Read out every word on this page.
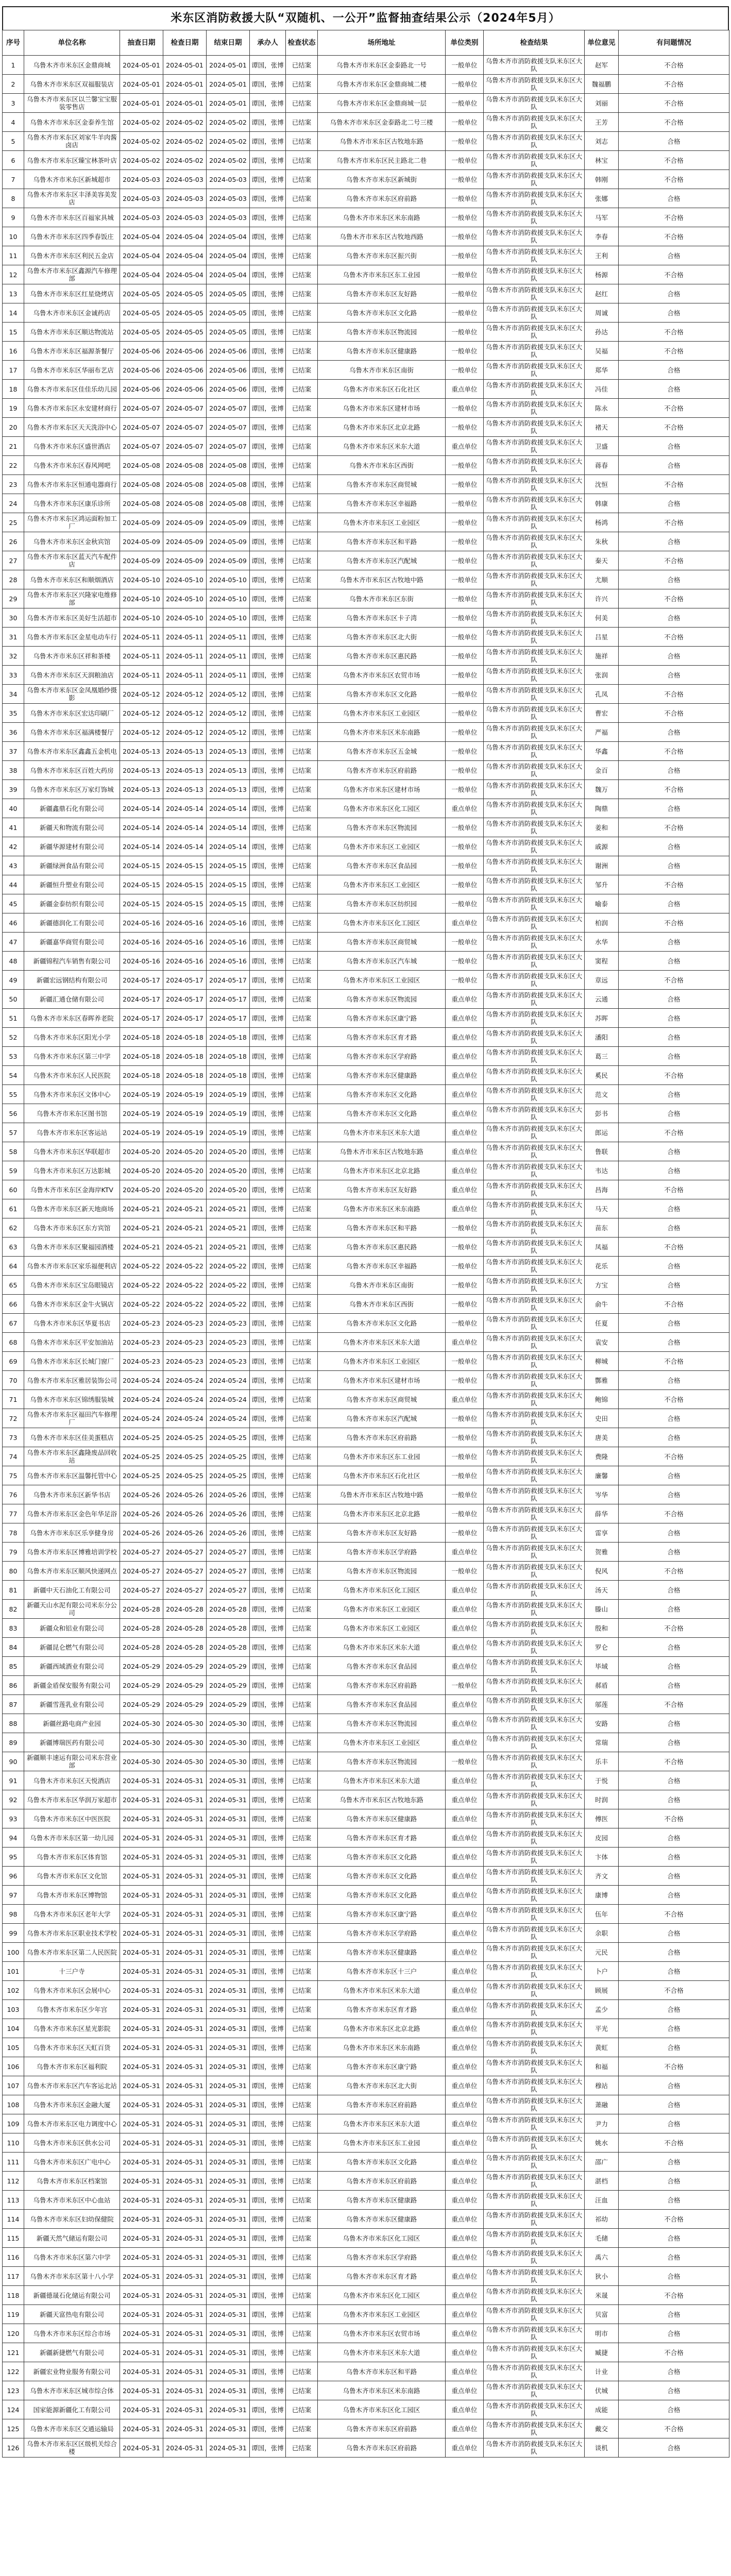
米东区消防救援大队“双随机、一公开”监督抽查结果公示（2024年5月）
序号	单位名称	抽查日期	检查日期	结束日期	承办人	检查状态	场所地址	单位类别	检查结果	单位意见	有问题情况
1	乌鲁木齐市米东区金鼎商城	2024-05-01	2024-05-01	2024-05-01	谭国，张博	已结案	乌鲁木齐市米东区金泰路北一号	一般单位	乌鲁木齐市消防救援支队米东区大队	赵军	不合格
2	乌鲁木齐市米东区双福服装店	2024-05-01	2024-05-01	2024-05-01	谭国，张博	已结案	乌鲁木齐市米东区金鼎商城二楼	一般单位	乌鲁木齐市消防救援支队米东区大队	魏福鹏	不合格
3	乌鲁木齐市米东区以兰馨宝宝服装零售店	2024-05-01	2024-05-01	2024-05-01	谭国，张博	已结案	乌鲁木齐市米东区金鼎商城一层	一般单位	乌鲁木齐市消防救援支队米东区大队	刘丽	不合格
4	乌鲁木齐市米东区金泰养生馆	2024-05-02	2024-05-02	2024-05-02	谭国，张博	已结案	乌鲁木齐市米东区金泰路北二号三楼	一般单位	乌鲁木齐市消防救援支队米东区大队	王芳	不合格
5	乌鲁木齐市米东区刘家牛羊肉酱卤店	2024-05-02	2024-05-02	2024-05-02	谭国，张博	已结案	乌鲁木齐市米东区古牧地东路	一般单位	乌鲁木齐市消防救援支队米东区大队	刘志	合格
6	乌鲁木齐市米东区臻宝林茶叶店	2024-05-02	2024-05-02	2024-05-02	谭国，张博	已结案	乌鲁木齐市米东区民主路北二巷	一般单位	乌鲁木齐市消防救援支队米东区大队	林宝	不合格
7	乌鲁木齐市米东区新城超市	2024-05-03	2024-05-03	2024-05-03	谭国，张博	已结案	乌鲁木齐市米东区新城街	一般单位	乌鲁木齐市消防救援支队米东区大队	韩刚	不合格
8	乌鲁木齐市米东区丰泽美容美发店	2024-05-03	2024-05-03	2024-05-03	谭国，张博	已结案	乌鲁木齐市米东区府前路	一般单位	乌鲁木齐市消防救援支队米东区大队	张娜	合格
9	乌鲁木齐市米东区百福家具城	2024-05-03	2024-05-03	2024-05-03	谭国，张博	已结案	乌鲁木齐市米东区米东南路	一般单位	乌鲁木齐市消防救援支队米东区大队	马军	不合格
10	乌鲁木齐市米东区四季春饭庄	2024-05-04	2024-05-04	2024-05-04	谭国，张博	已结案	乌鲁木齐市米东区古牧地西路	一般单位	乌鲁木齐市消防救援支队米东区大队	李春	不合格
11	乌鲁木齐市米东区利民五金店	2024-05-04	2024-05-04	2024-05-04	谭国，张博	已结案	乌鲁木齐市米东区振兴街	一般单位	乌鲁木齐市消防救援支队米东区大队	王利	合格
12	乌鲁木齐市米东区鑫源汽车修理部	2024-05-04	2024-05-04	2024-05-04	谭国，张博	已结案	乌鲁木齐市米东区东工业园	一般单位	乌鲁木齐市消防救援支队米东区大队	杨源	不合格
13	乌鲁木齐市米东区红星烧烤店	2024-05-05	2024-05-05	2024-05-05	谭国，张博	已结案	乌鲁木齐市米东区友好路	一般单位	乌鲁木齐市消防救援支队米东区大队	赵红	合格
14	乌鲁木齐市米东区金诚药店	2024-05-05	2024-05-05	2024-05-05	谭国，张博	已结案	乌鲁木齐市米东区文化路	一般单位	乌鲁木齐市消防救援支队米东区大队	周诚	合格
15	乌鲁木齐市米东区顺达物流站	2024-05-05	2024-05-05	2024-05-05	谭国，张博	已结案	乌鲁木齐市米东区物流园	一般单位	乌鲁木齐市消防救援支队米东区大队	孙达	不合格
16	乌鲁木齐市米东区福源茶餐厅	2024-05-06	2024-05-06	2024-05-06	谭国，张博	已结案	乌鲁木齐市米东区健康路	一般单位	乌鲁木齐市消防救援支队米东区大队	吴福	不合格
17	乌鲁木齐市米东区华丽布艺店	2024-05-06	2024-05-06	2024-05-06	谭国，张博	已结案	乌鲁木齐市米东区南街	一般单位	乌鲁木齐市消防救援支队米东区大队	郑华	合格
18	乌鲁木齐市米东区佳佳乐幼儿园	2024-05-06	2024-05-06	2024-05-06	谭国，张博	已结案	乌鲁木齐市米东区石化社区	重点单位	乌鲁木齐市消防救援支队米东区大队	冯佳	合格
19	乌鲁木齐市米东区永安建材商行	2024-05-07	2024-05-07	2024-05-07	谭国，张博	已结案	乌鲁木齐市米东区建材市场	一般单位	乌鲁木齐市消防救援支队米东区大队	陈永	不合格
20	乌鲁木齐市米东区天天洗浴中心	2024-05-07	2024-05-07	2024-05-07	谭国，张博	已结案	乌鲁木齐市米东区北京北路	一般单位	乌鲁木齐市消防救援支队米东区大队	褚天	不合格
21	乌鲁木齐市米东区盛世酒店	2024-05-07	2024-05-07	2024-05-07	谭国，张博	已结案	乌鲁木齐市米东区米东大道	重点单位	乌鲁木齐市消防救援支队米东区大队	卫盛	合格
22	乌鲁木齐市米东区春风网吧	2024-05-08	2024-05-08	2024-05-08	谭国，张博	已结案	乌鲁木齐市米东区西街	一般单位	乌鲁木齐市消防救援支队米东区大队	蒋春	合格
23	乌鲁木齐市米东区恒通电器商行	2024-05-08	2024-05-08	2024-05-08	谭国，张博	已结案	乌鲁木齐市米东区商贸城	一般单位	乌鲁木齐市消防救援支队米东区大队	沈恒	不合格
24	乌鲁木齐市米东区康乐诊所	2024-05-08	2024-05-08	2024-05-08	谭国，张博	已结案	乌鲁木齐市米东区幸福路	一般单位	乌鲁木齐市消防救援支队米东区大队	韩康	合格
25	乌鲁木齐市米东区鸿运面粉加工厂	2024-05-09	2024-05-09	2024-05-09	谭国，张博	已结案	乌鲁木齐市米东区工业园区	一般单位	乌鲁木齐市消防救援支队米东区大队	杨鸿	不合格
26	乌鲁木齐市米东区金秋宾馆	2024-05-09	2024-05-09	2024-05-09	谭国，张博	已结案	乌鲁木齐市米东区和平路	一般单位	乌鲁木齐市消防救援支队米东区大队	朱秋	合格
27	乌鲁木齐市米东区蓝天汽车配件店	2024-05-09	2024-05-09	2024-05-09	谭国，张博	已结案	乌鲁木齐市米东区汽配城	一般单位	乌鲁木齐市消防救援支队米东区大队	秦天	不合格
28	乌鲁木齐市米东区和顺烟酒店	2024-05-10	2024-05-10	2024-05-10	谭国，张博	已结案	乌鲁木齐市米东区古牧地中路	一般单位	乌鲁木齐市消防救援支队米东区大队	尤顺	合格
29	乌鲁木齐市米东区兴隆家电维修部	2024-05-10	2024-05-10	2024-05-10	谭国，张博	已结案	乌鲁木齐市米东区东街	一般单位	乌鲁木齐市消防救援支队米东区大队	许兴	不合格
30	乌鲁木齐市米东区美好生活超市	2024-05-10	2024-05-10	2024-05-10	谭国，张博	已结案	乌鲁木齐市米东区卡子湾	一般单位	乌鲁木齐市消防救援支队米东区大队	何美	合格
31	乌鲁木齐市米东区金星电动车行	2024-05-11	2024-05-11	2024-05-11	谭国，张博	已结案	乌鲁木齐市米东区北大街	一般单位	乌鲁木齐市消防救援支队米东区大队	吕星	不合格
32	乌鲁木齐市米东区祥和茶楼	2024-05-11	2024-05-11	2024-05-11	谭国，张博	已结案	乌鲁木齐市米东区惠民路	一般单位	乌鲁木齐市消防救援支队米东区大队	施祥	合格
33	乌鲁木齐市米东区天润粮油店	2024-05-11	2024-05-11	2024-05-11	谭国，张博	已结案	乌鲁木齐市米东区农贸市场	一般单位	乌鲁木齐市消防救援支队米东区大队	张润	合格
34	乌鲁木齐市米东区金凤凰婚纱摄影	2024-05-12	2024-05-12	2024-05-12	谭国，张博	已结案	乌鲁木齐市米东区文化路	一般单位	乌鲁木齐市消防救援支队米东区大队	孔凤	不合格
35	乌鲁木齐市米东区宏达印刷厂	2024-05-12	2024-05-12	2024-05-12	谭国，张博	已结案	乌鲁木齐市米东区工业园区	一般单位	乌鲁木齐市消防救援支队米东区大队	曹宏	不合格
36	乌鲁木齐市米东区福满楼餐厅	2024-05-12	2024-05-12	2024-05-12	谭国，张博	已结案	乌鲁木齐市米东区米东南路	一般单位	乌鲁木齐市消防救援支队米东区大队	严福	合格
37	乌鲁木齐市米东区鑫鑫五金机电	2024-05-13	2024-05-13	2024-05-13	谭国，张博	已结案	乌鲁木齐市米东区五金城	一般单位	乌鲁木齐市消防救援支队米东区大队	华鑫	不合格
38	乌鲁木齐市米东区百姓大药房	2024-05-13	2024-05-13	2024-05-13	谭国，张博	已结案	乌鲁木齐市米东区府前路	一般单位	乌鲁木齐市消防救援支队米东区大队	金百	合格
39	乌鲁木齐市米东区万家灯饰城	2024-05-13	2024-05-13	2024-05-13	谭国，张博	已结案	乌鲁木齐市米东区建材市场	一般单位	乌鲁木齐市消防救援支队米东区大队	魏万	不合格
40	新疆鑫鼎石化有限公司	2024-05-14	2024-05-14	2024-05-14	谭国，张博	已结案	乌鲁木齐市米东区化工园区	重点单位	乌鲁木齐市消防救援支队米东区大队	陶鼎	合格
41	新疆天和物流有限公司	2024-05-14	2024-05-14	2024-05-14	谭国，张博	已结案	乌鲁木齐市米东区物流园	一般单位	乌鲁木齐市消防救援支队米东区大队	姜和	不合格
42	新疆华源建材有限公司	2024-05-14	2024-05-14	2024-05-14	谭国，张博	已结案	乌鲁木齐市米东区工业园区	一般单位	乌鲁木齐市消防救援支队米东区大队	戚源	合格
43	新疆绿洲食品有限公司	2024-05-15	2024-05-15	2024-05-15	谭国，张博	已结案	乌鲁木齐市米东区食品园	一般单位	乌鲁木齐市消防救援支队米东区大队	谢洲	合格
44	新疆恒升塑业有限公司	2024-05-15	2024-05-15	2024-05-15	谭国，张博	已结案	乌鲁木齐市米东区工业园区	一般单位	乌鲁木齐市消防救援支队米东区大队	邹升	不合格
45	新疆金泰纺织有限公司	2024-05-15	2024-05-15	2024-05-15	谭国，张博	已结案	乌鲁木齐市米东区纺织园	一般单位	乌鲁木齐市消防救援支队米东区大队	喻泰	合格
46	新疆德润化工有限公司	2024-05-16	2024-05-16	2024-05-16	谭国，张博	已结案	乌鲁木齐市米东区化工园区	重点单位	乌鲁木齐市消防救援支队米东区大队	柏润	不合格
47	新疆嘉华商贸有限公司	2024-05-16	2024-05-16	2024-05-16	谭国，张博	已结案	乌鲁木齐市米东区商贸城	一般单位	乌鲁木齐市消防救援支队米东区大队	水华	合格
48	新疆锦程汽车销售有限公司	2024-05-16	2024-05-16	2024-05-16	谭国，张博	已结案	乌鲁木齐市米东区汽车城	一般单位	乌鲁木齐市消防救援支队米东区大队	窦程	合格
49	新疆宏远钢结构有限公司	2024-05-17	2024-05-17	2024-05-17	谭国，张博	已结案	乌鲁木齐市米东区工业园区	一般单位	乌鲁木齐市消防救援支队米东区大队	章远	不合格
50	新疆汇通仓储有限公司	2024-05-17	2024-05-17	2024-05-17	谭国，张博	已结案	乌鲁木齐市米东区物流园	重点单位	乌鲁木齐市消防救援支队米东区大队	云通	合格
51	乌鲁木齐市米东区春晖养老院	2024-05-17	2024-05-17	2024-05-17	谭国，张博	已结案	乌鲁木齐市米东区康宁路	重点单位	乌鲁木齐市消防救援支队米东区大队	苏晖	合格
52	乌鲁木齐市米东区阳光小学	2024-05-18	2024-05-18	2024-05-18	谭国，张博	已结案	乌鲁木齐市米东区育才路	重点单位	乌鲁木齐市消防救援支队米东区大队	潘阳	合格
53	乌鲁木齐市米东区第三中学	2024-05-18	2024-05-18	2024-05-18	谭国，张博	已结案	乌鲁木齐市米东区学府路	重点单位	乌鲁木齐市消防救援支队米东区大队	葛三	合格
54	乌鲁木齐市米东区人民医院	2024-05-18	2024-05-18	2024-05-18	谭国，张博	已结案	乌鲁木齐市米东区健康路	重点单位	乌鲁木齐市消防救援支队米东区大队	奚民	不合格
55	乌鲁木齐市米东区文体中心	2024-05-19	2024-05-19	2024-05-19	谭国，张博	已结案	乌鲁木齐市米东区文化路	重点单位	乌鲁木齐市消防救援支队米东区大队	范文	合格
56	乌鲁木齐市米东区图书馆	2024-05-19	2024-05-19	2024-05-19	谭国，张博	已结案	乌鲁木齐市米东区文化路	重点单位	乌鲁木齐市消防救援支队米东区大队	彭书	合格
57	乌鲁木齐市米东区客运站	2024-05-19	2024-05-19	2024-05-19	谭国，张博	已结案	乌鲁木齐市米东区米东大道	重点单位	乌鲁木齐市消防救援支队米东区大队	郎运	不合格
58	乌鲁木齐市米东区华联超市	2024-05-20	2024-05-20	2024-05-20	谭国，张博	已结案	乌鲁木齐市米东区古牧地东路	重点单位	乌鲁木齐市消防救援支队米东区大队	鲁联	合格
59	乌鲁木齐市米东区万达影城	2024-05-20	2024-05-20	2024-05-20	谭国，张博	已结案	乌鲁木齐市米东区北京北路	重点单位	乌鲁木齐市消防救援支队米东区大队	韦达	合格
60	乌鲁木齐市米东区金海岸KTV	2024-05-20	2024-05-20	2024-05-20	谭国，张博	已结案	乌鲁木齐市米东区友好路	重点单位	乌鲁木齐市消防救援支队米东区大队	昌海	不合格
61	乌鲁木齐市米东区新天地商场	2024-05-21	2024-05-21	2024-05-21	谭国，张博	已结案	乌鲁木齐市米东区米东南路	重点单位	乌鲁木齐市消防救援支队米东区大队	马天	合格
62	乌鲁木齐市米东区东方宾馆	2024-05-21	2024-05-21	2024-05-21	谭国，张博	已结案	乌鲁木齐市米东区和平路	一般单位	乌鲁木齐市消防救援支队米东区大队	苗东	合格
63	乌鲁木齐市米东区聚福园酒楼	2024-05-21	2024-05-21	2024-05-21	谭国，张博	已结案	乌鲁木齐市米东区惠民路	一般单位	乌鲁木齐市消防救援支队米东区大队	凤福	不合格
64	乌鲁木齐市米东区家乐福便利店	2024-05-22	2024-05-22	2024-05-22	谭国，张博	已结案	乌鲁木齐市米东区幸福路	一般单位	乌鲁木齐市消防救援支队米东区大队	花乐	合格
65	乌鲁木齐市米东区宝岛眼镜店	2024-05-22	2024-05-22	2024-05-22	谭国，张博	已结案	乌鲁木齐市米东区南街	一般单位	乌鲁木齐市消防救援支队米东区大队	方宝	合格
66	乌鲁木齐市米东区金牛火锅店	2024-05-22	2024-05-22	2024-05-22	谭国，张博	已结案	乌鲁木齐市米东区西街	一般单位	乌鲁木齐市消防救援支队米东区大队	俞牛	不合格
67	乌鲁木齐市米东区华夏书店	2024-05-23	2024-05-23	2024-05-23	谭国，张博	已结案	乌鲁木齐市米东区文化路	一般单位	乌鲁木齐市消防救援支队米东区大队	任夏	合格
68	乌鲁木齐市米东区平安加油站	2024-05-23	2024-05-23	2024-05-23	谭国，张博	已结案	乌鲁木齐市米东区米东大道	重点单位	乌鲁木齐市消防救援支队米东区大队	袁安	合格
69	乌鲁木齐市米东区长城门窗厂	2024-05-23	2024-05-23	2024-05-23	谭国，张博	已结案	乌鲁木齐市米东区工业园区	一般单位	乌鲁木齐市消防救援支队米东区大队	柳城	不合格
70	乌鲁木齐市米东区雅居装饰公司	2024-05-24	2024-05-24	2024-05-24	谭国，张博	已结案	乌鲁木齐市米东区建材市场	一般单位	乌鲁木齐市消防救援支队米东区大队	酆雅	合格
71	乌鲁木齐市米东区锦绣服装城	2024-05-24	2024-05-24	2024-05-24	谭国，张博	已结案	乌鲁木齐市米东区商贸城	重点单位	乌鲁木齐市消防救援支队米东区大队	鲍锦	不合格
72	乌鲁木齐市米东区福田汽车修理厂	2024-05-24	2024-05-24	2024-05-24	谭国，张博	已结案	乌鲁木齐市米东区汽配城	一般单位	乌鲁木齐市消防救援支队米东区大队	史田	合格
73	乌鲁木齐市米东区佳美蛋糕店	2024-05-25	2024-05-25	2024-05-25	谭国，张博	已结案	乌鲁木齐市米东区府前路	一般单位	乌鲁木齐市消防救援支队米东区大队	唐美	合格
74	乌鲁木齐市米东区鑫隆废品回收站	2024-05-25	2024-05-25	2024-05-25	谭国，张博	已结案	乌鲁木齐市米东区东工业园	一般单位	乌鲁木齐市消防救援支队米东区大队	费隆	不合格
75	乌鲁木齐市米东区温馨托管中心	2024-05-25	2024-05-25	2024-05-25	谭国，张博	已结案	乌鲁木齐市米东区石化社区	一般单位	乌鲁木齐市消防救援支队米东区大队	廉馨	合格
76	乌鲁木齐市米东区新华书店	2024-05-26	2024-05-26	2024-05-26	谭国，张博	已结案	乌鲁木齐市米东区古牧地中路	一般单位	乌鲁木齐市消防救援支队米东区大队	岑华	合格
77	乌鲁木齐市米东区金色年华足浴	2024-05-26	2024-05-26	2024-05-26	谭国，张博	已结案	乌鲁木齐市米东区北京北路	一般单位	乌鲁木齐市消防救援支队米东区大队	薛华	不合格
78	乌鲁木齐市米东区乐享健身房	2024-05-26	2024-05-26	2024-05-26	谭国，张博	已结案	乌鲁木齐市米东区友好路	一般单位	乌鲁木齐市消防救援支队米东区大队	雷享	合格
79	乌鲁木齐市米东区博雅培训学校	2024-05-27	2024-05-27	2024-05-27	谭国，张博	已结案	乌鲁木齐市米东区学府路	重点单位	乌鲁木齐市消防救援支队米东区大队	贺雅	合格
80	乌鲁木齐市米东区顺风快递网点	2024-05-27	2024-05-27	2024-05-27	谭国，张博	已结案	乌鲁木齐市米东区物流园	一般单位	乌鲁木齐市消防救援支队米东区大队	倪风	不合格
81	新疆中天石油化工有限公司	2024-05-27	2024-05-27	2024-05-27	谭国，张博	已结案	乌鲁木齐市米东区化工园区	重点单位	乌鲁木齐市消防救援支队米东区大队	汤天	合格
82	新疆天山水泥有限公司米东分公司	2024-05-28	2024-05-28	2024-05-28	谭国，张博	已结案	乌鲁木齐市米东区工业园区	重点单位	乌鲁木齐市消防救援支队米东区大队	滕山	合格
83	新疆众和铝业有限公司	2024-05-28	2024-05-28	2024-05-28	谭国，张博	已结案	乌鲁木齐市米东区工业园区	重点单位	乌鲁木齐市消防救援支队米东区大队	殷和	不合格
84	新疆昆仑燃气有限公司	2024-05-28	2024-05-28	2024-05-28	谭国，张博	已结案	乌鲁木齐市米东区米东大道	重点单位	乌鲁木齐市消防救援支队米东区大队	罗仑	合格
85	新疆西域酒业有限公司	2024-05-29	2024-05-29	2024-05-29	谭国，张博	已结案	乌鲁木齐市米东区食品园	重点单位	乌鲁木齐市消防救援支队米东区大队	毕域	合格
86	新疆金盾保安服务有限公司	2024-05-29	2024-05-29	2024-05-29	谭国，张博	已结案	乌鲁木齐市米东区府前路	一般单位	乌鲁木齐市消防救援支队米东区大队	郝盾	合格
87	新疆雪莲乳业有限公司	2024-05-29	2024-05-29	2024-05-29	谭国，张博	已结案	乌鲁木齐市米东区食品园	重点单位	乌鲁木齐市消防救援支队米东区大队	邬莲	不合格
88	新疆丝路电商产业园	2024-05-30	2024-05-30	2024-05-30	谭国，张博	已结案	乌鲁木齐市米东区物流园	重点单位	乌鲁木齐市消防救援支队米东区大队	安路	合格
89	新疆博瑞医药有限公司	2024-05-30	2024-05-30	2024-05-30	谭国，张博	已结案	乌鲁木齐市米东区工业园区	重点单位	乌鲁木齐市消防救援支队米东区大队	常瑞	合格
90	新疆顺丰速运有限公司米东营业部	2024-05-30	2024-05-30	2024-05-30	谭国，张博	已结案	乌鲁木齐市米东区物流园	一般单位	乌鲁木齐市消防救援支队米东区大队	乐丰	不合格
91	乌鲁木齐市米东区天悦酒店	2024-05-31	2024-05-31	2024-05-31	谭国，张博	已结案	乌鲁木齐市米东区米东大道	重点单位	乌鲁木齐市消防救援支队米东区大队	于悦	合格
92	乌鲁木齐市米东区华润万家超市	2024-05-31	2024-05-31	2024-05-31	谭国，张博	已结案	乌鲁木齐市米东区古牧地东路	重点单位	乌鲁木齐市消防救援支队米东区大队	时润	合格
93	乌鲁木齐市米东区中医医院	2024-05-31	2024-05-31	2024-05-31	谭国，张博	已结案	乌鲁木齐市米东区健康路	重点单位	乌鲁木齐市消防救援支队米东区大队	傅医	不合格
94	乌鲁木齐市米东区第一幼儿园	2024-05-31	2024-05-31	2024-05-31	谭国，张博	已结案	乌鲁木齐市米东区育才路	重点单位	乌鲁木齐市消防救援支队米东区大队	皮园	合格
95	乌鲁木齐市米东区体育馆	2024-05-31	2024-05-31	2024-05-31	谭国，张博	已结案	乌鲁木齐市米东区文化路	重点单位	乌鲁木齐市消防救援支队米东区大队	卞体	合格
96	乌鲁木齐市米东区文化馆	2024-05-31	2024-05-31	2024-05-31	谭国，张博	已结案	乌鲁木齐市米东区文化路	重点单位	乌鲁木齐市消防救援支队米东区大队	齐文	合格
97	乌鲁木齐市米东区博物馆	2024-05-31	2024-05-31	2024-05-31	谭国，张博	已结案	乌鲁木齐市米东区文化路	重点单位	乌鲁木齐市消防救援支队米东区大队	康博	合格
98	乌鲁木齐市米东区老年大学	2024-05-31	2024-05-31	2024-05-31	谭国，张博	已结案	乌鲁木齐市米东区康宁路	重点单位	乌鲁木齐市消防救援支队米东区大队	伍年	不合格
99	乌鲁木齐市米东区职业技术学校	2024-05-31	2024-05-31	2024-05-31	谭国，张博	已结案	乌鲁木齐市米东区学府路	重点单位	乌鲁木齐市消防救援支队米东区大队	余职	合格
100	乌鲁木齐市米东区第二人民医院	2024-05-31	2024-05-31	2024-05-31	谭国，张博	已结案	乌鲁木齐市米东区健康路	重点单位	乌鲁木齐市消防救援支队米东区大队	元民	合格
101	十三户寺	2024-05-31	2024-05-31	2024-05-31	谭国，张博	已结案	乌鲁木齐市米东区十三户	重点单位	乌鲁木齐市消防救援支队米东区大队	卜户	合格
102	乌鲁木齐市米东区会展中心	2024-05-31	2024-05-31	2024-05-31	谭国，张博	已结案	乌鲁木齐市米东区米东大道	重点单位	乌鲁木齐市消防救援支队米东区大队	顾展	不合格
103	乌鲁木齐市米东区少年宫	2024-05-31	2024-05-31	2024-05-31	谭国，张博	已结案	乌鲁木齐市米东区育才路	重点单位	乌鲁木齐市消防救援支队米东区大队	孟少	合格
104	乌鲁木齐市米东区星光影院	2024-05-31	2024-05-31	2024-05-31	谭国，张博	已结案	乌鲁木齐市米东区北京北路	重点单位	乌鲁木齐市消防救援支队米东区大队	平光	合格
105	乌鲁木齐市米东区天虹百货	2024-05-31	2024-05-31	2024-05-31	谭国，张博	已结案	乌鲁木齐市米东区米东南路	重点单位	乌鲁木齐市消防救援支队米东区大队	黄虹	合格
106	乌鲁木齐市米东区福利院	2024-05-31	2024-05-31	2024-05-31	谭国，张博	已结案	乌鲁木齐市米东区康宁路	重点单位	乌鲁木齐市消防救援支队米东区大队	和福	不合格
107	乌鲁木齐市米东区汽车客运北站	2024-05-31	2024-05-31	2024-05-31	谭国，张博	已结案	乌鲁木齐市米东区北大街	重点单位	乌鲁木齐市消防救援支队米东区大队	穆站	合格
108	乌鲁木齐市米东区金融大厦	2024-05-31	2024-05-31	2024-05-31	谭国，张博	已结案	乌鲁木齐市米东区府前路	重点单位	乌鲁木齐市消防救援支队米东区大队	萧融	合格
109	乌鲁木齐市米东区电力调度中心	2024-05-31	2024-05-31	2024-05-31	谭国，张博	已结案	乌鲁木齐市米东区米东大道	重点单位	乌鲁木齐市消防救援支队米东区大队	尹力	合格
110	乌鲁木齐市米东区供水公司	2024-05-31	2024-05-31	2024-05-31	谭国，张博	已结案	乌鲁木齐市米东区东工业园	重点单位	乌鲁木齐市消防救援支队米东区大队	姚水	不合格
111	乌鲁木齐市米东区广电中心	2024-05-31	2024-05-31	2024-05-31	谭国，张博	已结案	乌鲁木齐市米东区文化路	重点单位	乌鲁木齐市消防救援支队米东区大队	邵广	合格
112	乌鲁木齐市米东区档案馆	2024-05-31	2024-05-31	2024-05-31	谭国，张博	已结案	乌鲁木齐市米东区府前路	重点单位	乌鲁木齐市消防救援支队米东区大队	湛档	合格
113	乌鲁木齐市米东区中心血站	2024-05-31	2024-05-31	2024-05-31	谭国，张博	已结案	乌鲁木齐市米东区健康路	重点单位	乌鲁木齐市消防救援支队米东区大队	汪血	合格
114	乌鲁木齐市米东区妇幼保健院	2024-05-31	2024-05-31	2024-05-31	谭国，张博	已结案	乌鲁木齐市米东区健康路	重点单位	乌鲁木齐市消防救援支队米东区大队	祁幼	不合格
115	新疆天然气储运有限公司	2024-05-31	2024-05-31	2024-05-31	谭国，张博	已结案	乌鲁木齐市米东区化工园区	重点单位	乌鲁木齐市消防救援支队米东区大队	毛储	合格
116	乌鲁木齐市米东区第六中学	2024-05-31	2024-05-31	2024-05-31	谭国，张博	已结案	乌鲁木齐市米东区学府路	重点单位	乌鲁木齐市消防救援支队米东区大队	禹六	合格
117	乌鲁木齐市米东区第十八小学	2024-05-31	2024-05-31	2024-05-31	谭国，张博	已结案	乌鲁木齐市米东区育才路	重点单位	乌鲁木齐市消防救援支队米东区大队	狄小	合格
118	新疆德晟石化储运有限公司	2024-05-31	2024-05-31	2024-05-31	谭国，张博	已结案	乌鲁木齐市米东区化工园区	重点单位	乌鲁木齐市消防救援支队米东区大队	米晟	不合格
119	新疆天富热电有限公司	2024-05-31	2024-05-31	2024-05-31	谭国，张博	已结案	乌鲁木齐市米东区工业园区	重点单位	乌鲁木齐市消防救援支队米东区大队	贝富	合格
120	乌鲁木齐市米东区综合市场	2024-05-31	2024-05-31	2024-05-31	谭国，张博	已结案	乌鲁木齐市米东区农贸市场	重点单位	乌鲁木齐市消防救援支队米东区大队	明市	合格
121	新疆新捷燃气有限公司	2024-05-31	2024-05-31	2024-05-31	谭国，张博	已结案	乌鲁木齐市米东区米东大道	重点单位	乌鲁木齐市消防救援支队米东区大队	臧捷	不合格
122	新疆宏业物业服务有限公司	2024-05-31	2024-05-31	2024-05-31	谭国，张博	已结案	乌鲁木齐市米东区和平路	重点单位	乌鲁木齐市消防救援支队米东区大队	计业	合格
123	乌鲁木齐市米东区城市综合体	2024-05-31	2024-05-31	2024-05-31	谭国，张博	已结案	乌鲁木齐市米东区米东南路	重点单位	乌鲁木齐市消防救援支队米东区大队	伏城	合格
124	国家能源新疆化工有限公司	2024-05-31	2024-05-31	2024-05-31	谭国，张博	已结案	乌鲁木齐市米东区化工园区	重点单位	乌鲁木齐市消防救援支队米东区大队	成能	合格
125	乌鲁木齐市米东区交通运输局	2024-05-31	2024-05-31	2024-05-31	谭国，张博	已结案	乌鲁木齐市米东区府前路	重点单位	乌鲁木齐市消防救援支队米东区大队	戴交	不合格
126	乌鲁木齐市米东区区级机关综合楼	2024-05-31	2024-05-31	2024-05-31	谭国，张博	已结案	乌鲁木齐市米东区府前路	重点单位	乌鲁木齐市消防救援支队米东区大队	谈机	合格
